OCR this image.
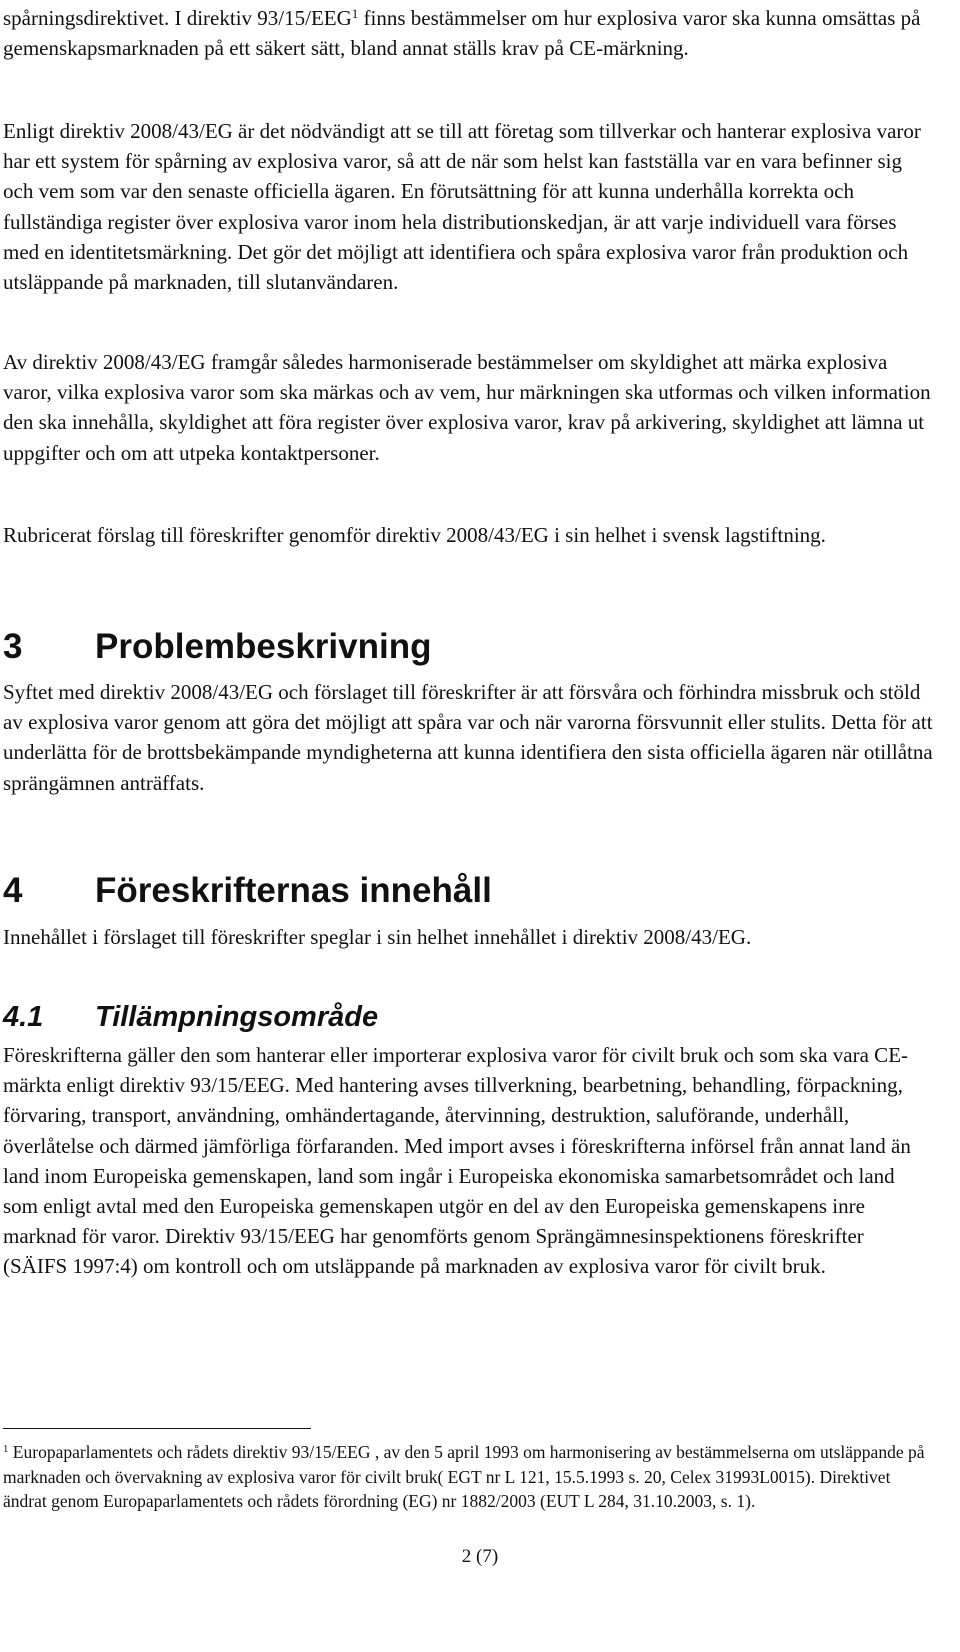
spårningsdirektivet. I direktiv 93/15/EEG$^1$ finns bestämmelser om hur explosiva varor ska kunna omsättas på gemenskapsmarknaden på ett säkert sätt, bland annat ställs krav på CE-märkning.

Enligt direktiv 2008/43/EG är det nödvändigt att se till att företag som tillverkar och hanterar explosiva varor har ett system för spårning av explosiva varor, så att de när som helst kan fastställa var en vara befinner sig och vem som var den senaste officiella ägaren. En förutsättning för att kunna underhålla korrekta och fullständiga register över explosiva varor inom hela distributionskedjan, är att varje individuell vara förses med en identitetsmärkning. Det gör det möjligt att identifiera och spåra explosiva varor från produktion och utsläppande på marknaden, till slutanvändaren.

Av direktiv 2008/43/EG framgår således harmoniserade bestämmelser om skyldighet att märka explosiva varor, vilka explosiva varor som ska märkas och av vem, hur märkningen ska utformas och vilken information den ska innehålla, skyldighet att föra register över explosiva varor, krav på arkivering, skyldighet att lämna ut uppgifter och om att utpeka kontaktpersoner.

Rubricerat förslag till föreskrifter genomför direktiv 2008/43/EG i sin helhet i svensk lagstiftning.

3 Problembeskrivning

Syftet med direktiv 2008/43/EG och förslaget till föreskrifter är att försvåra och förhindra missbruk och stöld av explosiva varor genom att göra det möjligt att spåra var och när varorna försvunnit eller stulits. Detta för att underlätta för de brottsbekämpande myndigheterna att kunna identifiera den sista officiella ägaren när otillåtna sprängämnen anträffats.

4 Föreskrifternas innehåll

Innehållet i förslaget till föreskrifter speglar i sin helhet innehållet i direktiv 2008/43/EG.

4.1 Tillämpningsområde

Föreskrifterna gäller den som hanterar eller importerar explosiva varor för civilt bruk och som ska vara CE-märkta enligt direktiv 93/15/EEG. Med hantering avses tillverkning, bearbetning, behandling, förpackning, förvaring, transport, användning, omhändertagande, återvinning, destruktion, saluförande, underhåll, överlåtelse och därmed jämförliga förfaranden. Med import avses i föreskrifterna införsel från annat land än land inom Europeiska gemenskapen, land som ingår i Europeiska ekonomiska samarbetsområdet och land som enligt avtal med den Europeiska gemenskapen utgör en del av den Europeiska gemenskapens inre marknad för varor. Direktiv 93/15/EEG har genomförts genom Sprängämnesinspektionens föreskrifter (SÄIFS 1997:4) om kontroll och om utsläppande på marknaden av explosiva varor för civilt bruk.

$^1$ Europaparlamentets och rådets direktiv 93/15/EEG , av den 5 april 1993 om harmonisering av bestämmelserna om utsläppande på marknaden och övervakning av explosiva varor för civilt bruk( EGT nr L 121, 15.5.1993 s. 20, Celex 31993L0015). Direktivet ändrat genom Europaparlamentets och rådets förordning (EG) nr 1882/2003 (EUT L 284, 31.10.2003, s. 1).

2 (7)
